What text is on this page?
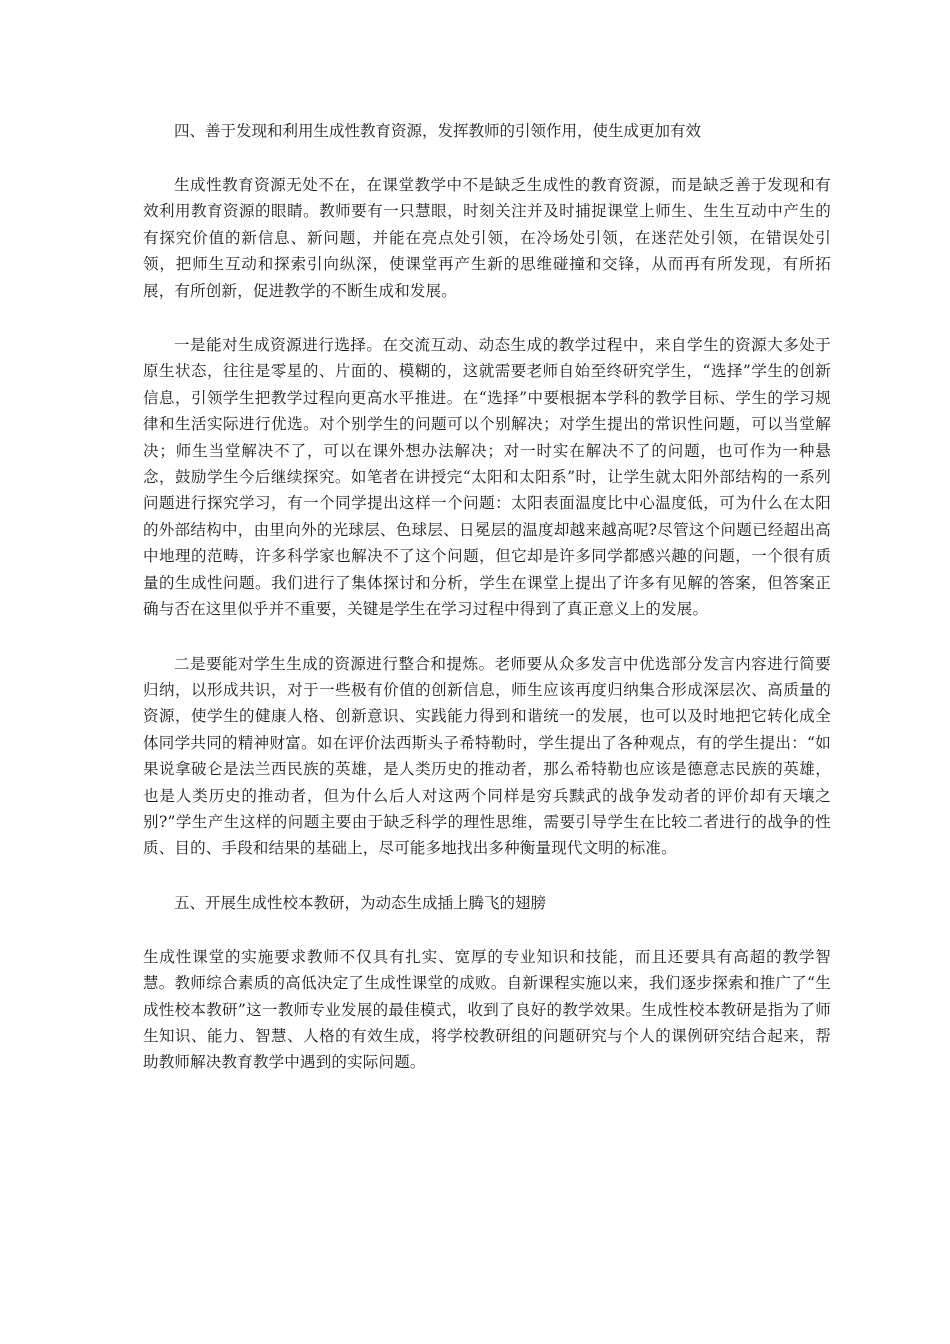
四、善于发现和利用生成性教育资源，发挥教师的引领作用，使生成更加有效

生成性教育资源无处不在，在课堂教学中不是缺乏生成性的教育资源，而是缺乏善于发现和有效利用教育资源的眼睛。教师要有一只慧眼，时刻关注并及时捕捉课堂上师生、生生互动中产生的有探究价值的新信息、新问题，并能在亮点处引领，在冷场处引领，在迷茫处引领，在错误处引领，把师生互动和探索引向纵深，使课堂再产生新的思维碰撞和交锋，从而再有所发现，有所拓展，有所创新，促进教学的不断生成和发展。

一是能对生成资源进行选择。在交流互动、动态生成的教学过程中，来自学生的资源大多处于原生状态，往往是零星的、片面的、模糊的，这就需要老师自始至终研究学生，“选择”学生的创新信息，引领学生把教学过程向更高水平推进。在“选择”中要根据本学科的教学目标、学生的学习规律和生活实际进行优选。对个别学生的问题可以个别解决；对学生提出的常识性问题，可以当堂解决；师生当堂解决不了，可以在课外想办法解决；对一时实在解决不了的问题，也可作为一种悬念，鼓励学生今后继续探究。如笔者在讲授完“太阳和太阳系”时，让学生就太阳外部结构的一系列问题进行探究学习，有一个同学提出这样一个问题：太阳表面温度比中心温度低，可为什么在太阳的外部结构中，由里向外的光球层、色球层、日冕层的温度却越来越高呢?尽管这个问题已经超出高中地理的范畴，许多科学家也解决不了这个问题，但它却是许多同学都感兴趣的问题，一个很有质量的生成性问题。我们进行了集体探讨和分析，学生在课堂上提出了许多有见解的答案，但答案正确与否在这里似乎并不重要，关键是学生在学习过程中得到了真正意义上的发展。

二是要能对学生生成的资源进行整合和提炼。老师要从众多发言中优选部分发言内容进行简要归纳，以形成共识，对于一些极有价值的创新信息，师生应该再度归纳集合形成深层次、高质量的资源，使学生的健康人格、创新意识、实践能力得到和谐统一的发展，也可以及时地把它转化成全体同学共同的精神财富。如在评价法西斯头子希特勒时，学生提出了各种观点，有的学生提出：“如果说拿破仑是法兰西民族的英雄，是人类历史的推动者，那么希特勒也应该是德意志民族的英雄，也是人类历史的推动者，但为什么后人对这两个同样是穷兵黩武的战争发动者的评价却有天壤之别?”学生产生这样的问题主要由于缺乏科学的理性思维，需要引导学生在比较二者进行的战争的性质、目的、手段和结果的基础上，尽可能多地找出多种衡量现代文明的标准。

五、开展生成性校本教研，为动态生成插上腾飞的翅膀

生成性课堂的实施要求教师不仅具有扎实、宽厚的专业知识和技能，而且还要具有高超的教学智慧。教师综合素质的高低决定了生成性课堂的成败。自新课程实施以来，我们逐步探索和推广了“生成性校本教研”这一教师专业发展的最佳模式，收到了良好的教学效果。生成性校本教研是指为了师生知识、能力、智慧、人格的有效生成，将学校教研组的问题研究与个人的课例研究结合起来，帮助教师解决教育教学中遇到的实际问题。
